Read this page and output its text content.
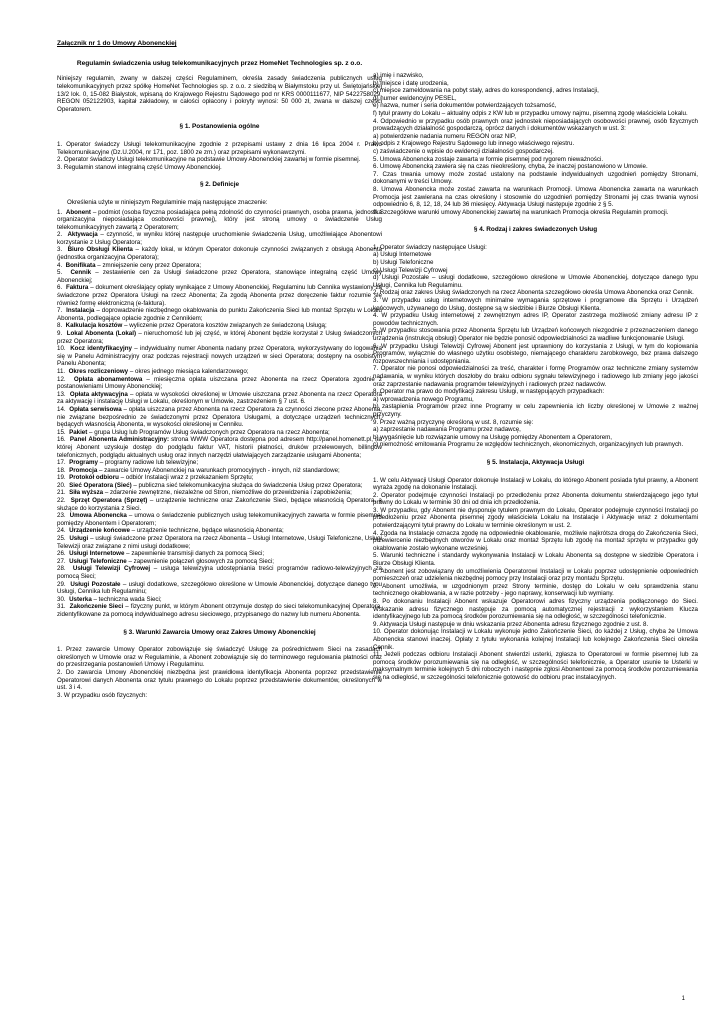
Załącznik nr 1 do Umowy Abonenckiej
Regulamin świadczenia usług telekomunikacyjnych przez HomeNet Technologies sp. z o.o.

Niniejszy regulamin, zwany w dalszej części Regulaminem, określa zasady świadczenia publicznych usług telekomunikacyjnych przez spółkę HomeNet Technologies sp. z o.o. z siedzibą w Białymstoku przy ul. Świętojańskiej 13/2 lok. 0, 15-082 Białystok, wpisaną do Krajowego Rejestru Sądowego pod nr KRS 0000111677, NIP 5422758029, REGON 052122903, kapitał zakładowy, w całości opłacony i pokryty wynosi: 50 000 zł, zwana w dalszej części Operatorem.

§ 1. Postanowienia ogólne

1. Operator świadczy Usługi telekomunikacyjne zgodnie z przepisami ustawy z dnia 16 lipca 2004 r. Prawo Telekomunikacyjne (Dz.U.2004, nr 171, poz. 1800 ze zm.) oraz przepisami wykonawczymi.

2. Operator świadczy Usługi telekomunikacyjne na podstawie Umowy Abonenckiej zawartej w formie pisemnej.

3. Regulamin stanowi integralną część Umowy Abonenckiej.

§ 2. Definicje

Określenia użyte w niniejszym Regulaminie mają następujące znaczenie:

1. Abonent – podmiot (osoba fizyczna posiadająca pełną zdolność do czynności prawnych, osoba prawna, jednostka organizacyjna nieposiadająca osobowości prawnej), który jest stroną umowy o świadczenie Usług telekomunikacyjnych zawartą z Operatorem;

2. Aktywacja – czynność, w wyniku której następuje uruchomienie świadczenia Usług, umożliwiające Abonentowi korzystanie z Usług Operatora;

3. Biuro Obsługi Klienta – każdy lokal, w którym Operator dokonuje czynności związanych z obsługą Abonenta (jednostka organizacyjna Operatora);

4. Bonifikata – zmniejszenie ceny przez Operatora;

5. Cennik – zestawienie cen za Usługi świadczone przez Operatora, stanowiące integralną część Umowy Abonenckiej;

6. Faktura – dokument określający opłaty wynikające z Umowy Abonenckiej, Regulaminu lub Cennika wystawiony za świadczone przez Operatora Usługi na rzecz Abonenta; Za zgodą Abonenta przez doręczenie faktur rozumie się również formę elektroniczną (e-faktura).

7. Instalacja – doprowadzenie niezbędnego okablowania do punktu Zakończenia Sieci lub montaż Sprzętu w Lokalu Abonenta, podlegające opłacie zgodnie z Cennikiem;

8. Kalkulacja kosztów – wyliczenie przez Operatora kosztów związanych ze świadczoną Usługą;

9. Lokal Abonenta (Lokal) – nieruchomość lub jej część, w której Abonent będzie korzystał z Usług świadczonych przez Operatora;

10. Kocz identyfikacyjny – indywidualny numer Abonenta nadany przez Operatora, wykorzystywany do logowania się w Panelu Administracyjny oraz podczas rejestracji nowych urządzeń w sieci Operatora; dostępny na osobistym Panelu Abonenta;

11. Okres rozliczeniowy – okres jednego miesiąca kalendarzowego;

12. Opłata abonamentowa – miesięczna opłata uiszczana przez Abonenta na rzecz Operatora zgodnie z postanowieniami Umowy Abonenckiej;

13. Opłata aktywacyjna – opłata w wysokości określonej w Umowie uiszczana przez Abonenta na rzecz Operatora za aktywację i instalację Usługi w Lokalu, określonym w Umowie, zastrzeżeniem § 7 ust. 6.

14. Opłata serwisowa – opłata uiszczana przez Abonenta na rzecz Operatora za czynności zlecone przez Abonenta, nie związane bezpośrednio ze świadczonymi przez Operatora Usługami, a dotyczące urządzeń technicznych, będących własnością Abonenta, w wysokości określonej w Cenniku.

15. Pakiet – grupa Usług lub Programów Usług świadczonych przez Operatora na rzecz Abonenta;

16. Panel Abonenta Administracyjny: strona WWW Operatora dostępna pod adresem http://panel.homenett.pl, na której Abonent uzyskuje dostęp do podglądu faktur VAT, historii płatności, druków przelewowych, billingów telefonicznych, podglądu aktualnych usług oraz innych narzędzi ułatwiających zarządzanie usługami Abonenta;

17. Programy – programy radiowe lub telewizyjne;

18. Promocja – zawarcie Umowy Abonenckiej na warunkach promocyjnych - innych, niż standardowe;

19. Protokół odbioru – odbiór Instalacji wraz z przekazaniem Sprzętu;

20. Sieć Operatora (Sieć) – publiczna sieć telekomunikacyjna służąca do świadczenia Usług przez Operatora;

21. Siła wyższa – zdarzenie zewnętrzne, niezależne od Stron, niemożliwe do przewidzenia i zapobieżenia;

22. Sprzęt Operatora (Sprzęt) – urządzenie techniczne oraz Zakończenie Sieci, będące własnością Operatora, a służące do korzystania z Sieci.

23. Umowa Abonencka – umowa o świadczenie publicznych usług telekomunikacyjnych zawarta w formie pisemnej pomiędzy Abonentem i Operatorem;

24. Urządzenie końcowe – urządzenie techniczne, będące własnością Abonenta;

25. Usługi – usługi świadczone przez Operatora na rzecz Abonenta – Usługi Internetowe, Usługi Telefoniczne, Usługi Telewizji oraz związane z nimi usługi dodatkowe;

26. Usługi Internetowe – zapewnienie transmisji danych za pomocą Sieci;

27. Usługi Telefoniczne – zapewnienie połączeń głosowych za pomocą Sieci;

28. Usługi Telewizji Cyfrowej – usługa telewizyjna udostępniania treści programów radiowo-telewizyjnych za pomocą Sieci;

29. Usługi Pozostałe – usługi dodatkowe, szczegółowo określone w Umowie Abonenckiej, dotyczące danego typu Usługi, Cennika lub Regulaminu;

30. Usterka – techniczna wada Sieci;

31. Zakończenie Sieci – fizyczny punkt, w którym Abonent otrzymuje dostęp do sieci telekomunikacyjnej Operatora, zidentyfikowane za pomocą indywidualnego adresu sieciowego, przypisanego do nazwy lub numeru Abonenta.

§ 3. Warunki Zawarcia Umowy oraz Zakres Umowy Abonenckiej

1. Przez zawarcie Umowy Operator zobowiązuje się świadczyć Usługę za pośrednictwem Sieci na zasadach określonych w Umowie oraz w Regulaminie, a Abonent zobowiązuje się do terminowego regulowania płatności oraz do przestrzegania postanowień Umowy i Regulaminu.

2. Do zawarcia Umowy Abonenckiej niezbędna jest prawidłowa identyfikacja Abonenta poprzez przedstawienie Operatorowi danych Abonenta oraz tytułu prawnego do Lokalu poprzez przedstawienie dokumentów, określonych w ust. 3 i 4.

3. W przypadku osób fizycznych:

a) imię i nazwisko,

b) miejsce i datę urodzenia,

c) miejsce zameldowania na pobyt stały, adres do korespondencji, adres Instalacji,

d) numer ewidencyjny PESEL,

e) nazwa, numer i seria dokumentów potwierdzających tożsamość,

f) tytuł prawny do Lokalu – aktualny odpis z KW lub w przypadku umowy najmu, pisemną zgodę właściciela Lokalu.

4. Odpowiednio w przypadku osób prawnych oraz jednostek nieposiadających osobowości prawnej, osób fizycznych prowadzących działalność gospodarczą, oprócz danych i dokumentów wskazanych w ust. 3:

a) potwierdzenie nadania numeru REGON oraz NIP,

b) odpis z Krajowego Rejestru Sądowego lub innego właściwego rejestru.

c) zaświadczenie o wpisie do ewidencji działalności gospodarczej.

5. Umowa Abonencka zostaje zawarta w formie pisemnej pod rygorem nieważności.

6. Umowę Abonencką zawiera się na czas nieokreślony, chyba, że inaczej postanowiono w Umowie.

7. Czas trwania umowy może zostać ustalony na podstawie indywidualnych uzgodnień pomiędzy Stronami, dokonanymi w treści Umowy.

8. Umowa Abonencka może zostać zawarta na warunkach Promocji. Umowa Abonencka zawarta na warunkach Promocja jest zawierana na czas określony i stosownie do uzgodnień pomiędzy Stronami jej czas trwania wynosi odpowiednio 6, 8, 12, 18, 24 lub 36 miesięcy. Aktywacja Usługi następuje zgodnie z § 5.

9. Szczegółowe warunki umowy Abonenckiej zawartej na warunkach Promocja określa Regulamin promocji.

§ 4. Rodzaj i zakres świadczonych Usług

1. Operator świadczy następujące Usługi:

a) Usługi Internetowe

b) Usługi Telefoniczne

c) Usługi Telewizji Cyfrowej

d) Usługi Pozostałe – usługi dodatkowe, szczegółowo określone w Umowie Abonenckiej, dotyczące danego typu Usługi, Cennika lub Regulaminu.

2. Rodzaj oraz zakres Usług świadczonych na rzecz Abonenta szczegółowo określa Umowa Abonencka oraz Cennik.

3. W przypadku usług internetowych minimalne wymagania sprzętowe i programowe dla Sprzętu i Urządzeń końcowych, używanego do Usług, dostępne są w siedzibie i Biurze Obsługi Klienta.

4. W przypadku Usług internetowej z zewnętrznym adres IP, Operator zastrzega możliwość zmiany adresu IP z powodów technicznych.

5. W przypadku stosowania przez Abonenta Sprzętu lub Urządzeń końcowych niezgodnie z przeznaczeniem danego urządzenia (instrukcją obsługi) Operator nie będzie ponosić odpowiedzialności za wadliwe funkcjonowanie Usługi.

6. W przypadku Usługi Telewizji Cyfrowej Abonent jest uprawniony do korzystania z Usługi, w tym do kopiowania Programów, wyłącznie do własnego użytku osobistego, niemającego charakteru zarobkowego, bez prawa dalszego rozpowszechniania i udostępniania.

7. Operator nie ponosi odpowiedzialności za treść, charakter i formę Programów oraz techniczne zmiany systemów nadawania, w wyniku których doszłoby do braku odbioru sygnału telewizyjnego i radiowego lub zmiany jego jakości oraz zaprzestanie nadawania programów telewizyjnych i radiowych przez nadawców.

8. Operator ma prawo do modyfikacji zakresu Usługi, w następujących przypadkach:

a) wprowadzenia nowego Programu,

b) zastąpienia Programów przez inne Programy w celu zapewnienia ich liczby określonej w Umowie z ważnej przyczyny.

9. Przez ważną przyczynę określoną w ust. 8, rozumie się:

a) zaprzestanie nadawania Programu przez nadawcę,

b) wygaśnięcie lub rozwiązanie umowy na Usługę pomiędzy Abonentem a Operatorem,

c) niemożność emitowania Programu ze względów technicznych, ekonomicznych, organizacyjnych lub prawnych.

§ 5. Instalacja, Aktywacja Usługi

1. W celu Aktywacji Usługi Operator dokonuje Instalacji w Lokalu, do którego Abonent posiada tytuł prawny, a Abonent wyraża zgodę na dokonanie Instalacji.

2. Operator podejmuje czynności Instalacji po przedłożeniu przez Abonenta dokumentu stwierdzającego jego tytuł prawny do Lokalu w terminie 30 dni od dnia ich przedłożenia.

3. W przypadku, gdy Abonent nie dysponuje tytułem prawnym do Lokalu, Operator podejmuje czynności Instalacji po przedłożeniu przez Abonenta pisemnej zgody właściciela Lokalu na Instalacje i Aktywacje wraz z dokumentami potwierdzającymi tytuł prawny do Lokalu w terminie określonym w ust. 2.

4. Zgoda na Instalacje oznacza zgodę na odpowiednie okablowanie, możliwie najkrótsza drogą do Zakończenia Sieci, przewiercenie niezbędnych otworów w Lokalu oraz montaż Sprzętu lub zgodę na montaż sprzętu w przypadku gdy okablowanie zostało wykonane wcześniej.

5. Warunki techniczne i standardy wykonywania Instalacji w Lokalu Abonenta są dostępne w siedzibie Operatora i Biurze Obsługi Klienta.

6. Abonent jest zobowiązany do umożliwienia Operatorowi Instalacji w Lokalu poprzez udostępnienie odpowiednich pomieszczeń oraz udzielenia niezbędnej pomocy przy Instalacji oraz przy montażu Sprzętu.

7. Abonent umożliwia, w uzgodnionym przez Strony terminie, dostęp do Lokalu w celu sprawdzenia stanu technicznego okablowania, a w razie potrzeby - jego naprawy, konserwacji lub wymiany.

8. Po dokonaniu Instalacji Abonent wskazuje Operatorowi adres fizyczny urządzenia podłączonego do Sieci. Wskazanie adresu fizycznego następuje za pomocą automatycznej rejestracji z wykorzystaniem Klucza identyfikacyjnego lub za pomocą środków porozumiewania się na odległość, w szczególności telefonicznie.

9. Aktywacja Usługi następuje w dniu wskazania przez Abonenta adresu fizycznego zgodnie z ust. 8.

10. Operator dokonując Instalacji w Lokalu wykonuje jedno Zakończenie Sieci, do każdej z Usług, chyba że Umowa Abonencka stanowi inaczej. Opłaty z tytułu wykonania kolejnej Instalacji lub kolejnego Zakończenia Sieci określa Cennik.

11. Jeżeli podczas odbioru Instalacji Abonent stwierdzi usterki, zgłasza to Operatorowi w formie pisemnej lub za pomocą środków porozumiewania się na odległość, w szczególności telefonicznie, a Operator usunie te Usterki w maksymalnym terminie kolejnych 5 dni roboczych i następnie zgłosi Abonentowi za pomocą środków porozumiewania się na odległość, w szczególności telefonicznie gotowość do odbioru prac instalacyjnych.

1
